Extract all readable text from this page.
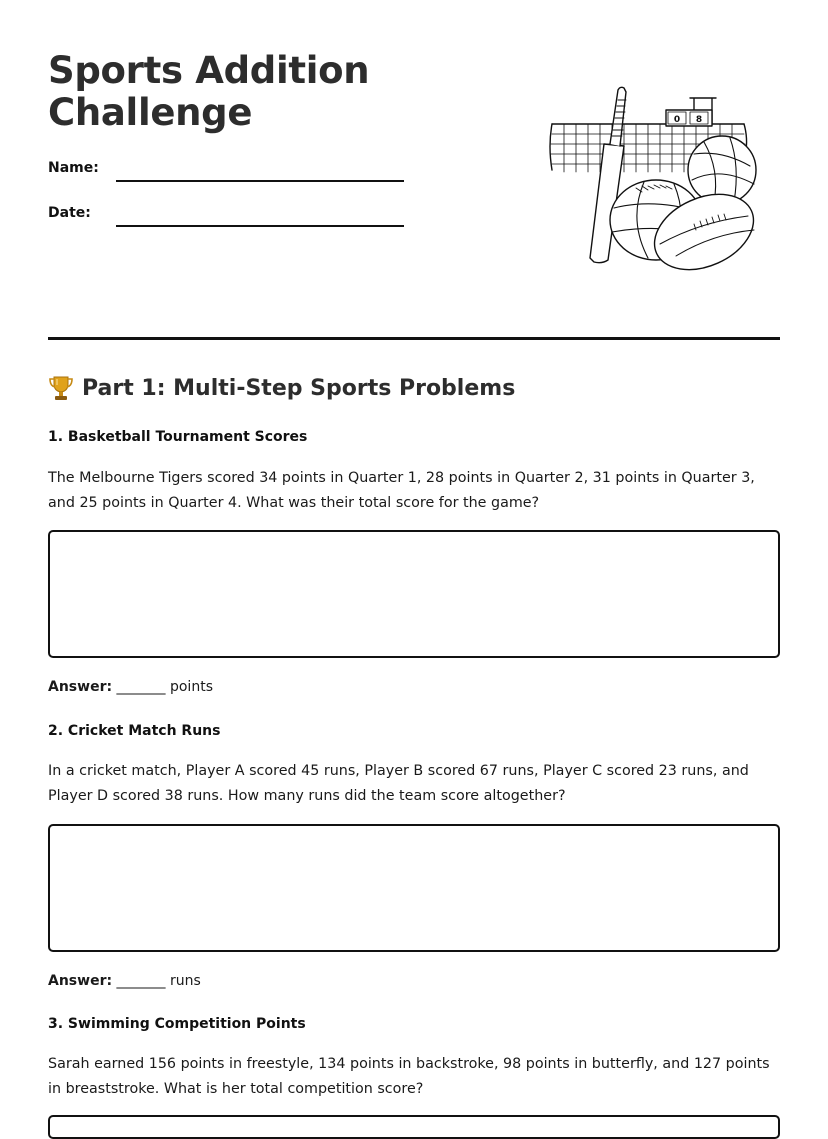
Sports Addition
Challenge
Name:
Date:
0 8
Part 1: Multi-Step Sports Problems

1. Basketball Tournament Scores

The Melbourne Tigers scored 34 points in Quarter 1, 28 points in Quarter 2, 31 points in Quarter 3, and 25 points in Quarter 4. What was their total score for the game?

Answer: _______ points

2. Cricket Match Runs

In a cricket match, Player A scored 45 runs, Player B scored 67 runs, Player C scored 23 runs, and Player D scored 38 runs. How many runs did the team score altogether?

Answer: _______ runs

3. Swimming Competition Points

Sarah earned 156 points in freestyle, 134 points in backstroke, 98 points in butterfly, and 127 points in breaststroke. What is her total competition score?
